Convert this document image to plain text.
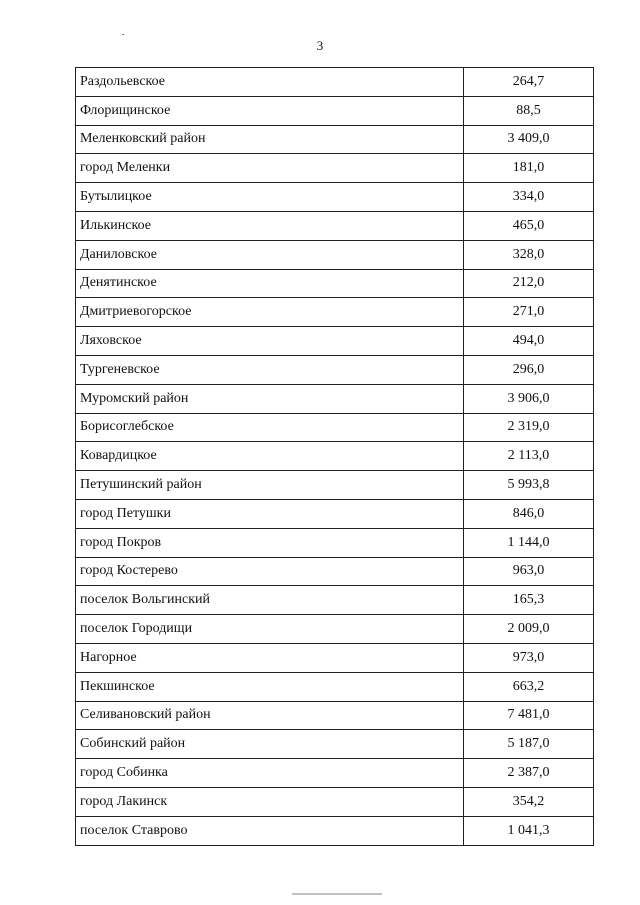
3
Раздольевское	264,7
Флорищинское	88,5
Меленковский район	3 409,0
город Меленки	181,0
Бутылицкое	334,0
Илькинское	465,0
Даниловское	328,0
Денятинское	212,0
Дмитриевогорское	271,0
Ляховское	494,0
Тургеневское	296,0
Муромский район	3 906,0
Борисоглебское	2 319,0
Ковардицкое	2 113,0
Петушинский район	5 993,8
город Петушки	846,0
город Покров	1 144,0
город Костерево	963,0
поселок Вольгинский	165,3
поселок Городищи	2 009,0
Нагорное	973,0
Пекшинское	663,2
Селивановский район	7 481,0
Собинский район	5 187,0
город Собинка	2 387,0
город Лакинск	354,2
поселок Ставрово	1 041,3
